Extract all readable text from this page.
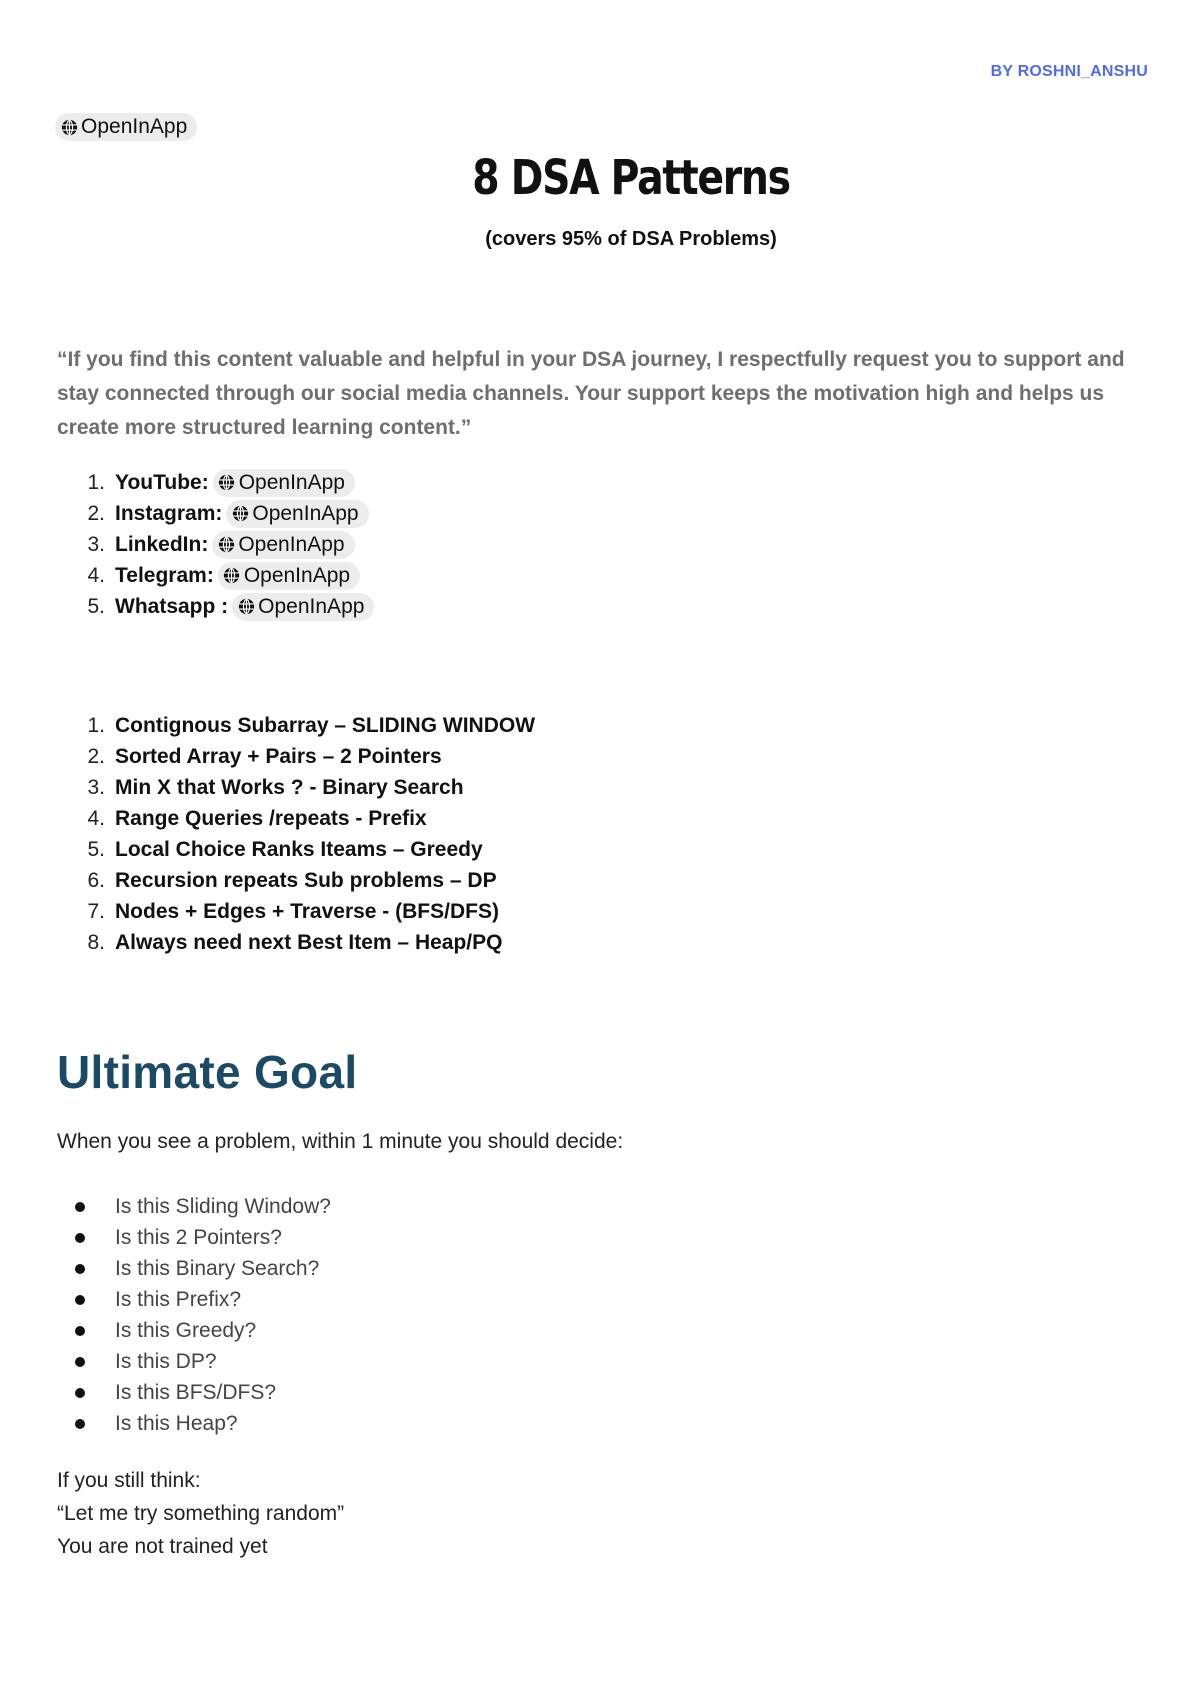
BY ROSHNI_ANSHU
OpenInApp
8 DSA Patterns

(covers 95% of DSA Problems)

“If you find this content valuable and helpful in your DSA journey, I respectfully request you to support and stay connected through our social media channels. Your support keeps the motivation high and helps us create more structured learning content.”

1. YouTube: OpenInApp
2. Instagram: OpenInApp
3. LinkedIn: OpenInApp
4. Telegram: OpenInApp
5. Whatsapp : OpenInApp
1. Contignous Subarray – SLIDING WINDOW
2. Sorted Array + Pairs – 2 Pointers
3. Min X that Works ? - Binary Search
4. Range Queries /repeats - Prefix
5. Local Choice Ranks Iteams – Greedy
6. Recursion repeats Sub problems – DP
7. Nodes + Edges + Traverse - (BFS/DFS)
8. Always need next Best Item – Heap/PQ
Ultimate Goal

When you see a problem, within 1 minute you should decide:

Is this Sliding Window?
Is this 2 Pointers?
Is this Binary Search?
Is this Prefix?
Is this Greedy?
Is this DP?
Is this BFS/DFS?
Is this Heap?

If you still think:

“Let me try something random”

You are not trained yet
